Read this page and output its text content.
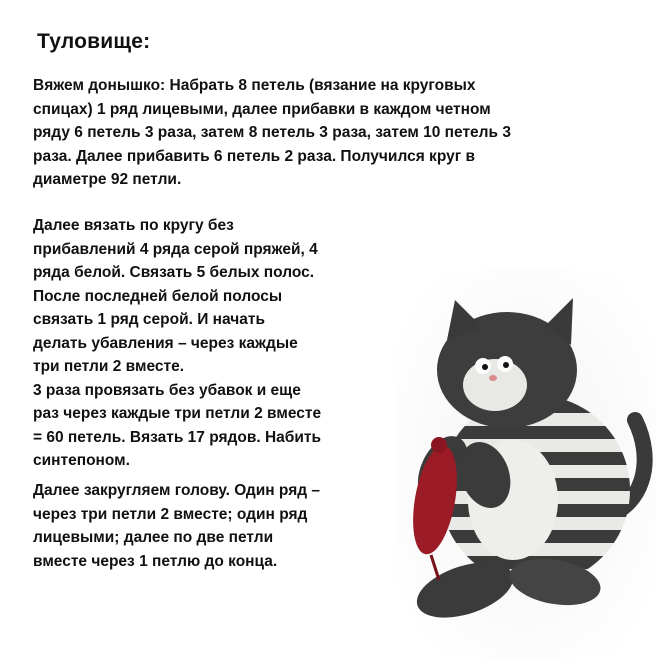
Туловище:

Вяжем донышко: Набрать 8 петель (вязание на круговых
спицах) 1 ряд лицевыми, далее прибавки в каждом четном
ряду 6 петель 3 раза, затем 8 петель 3 раза, затем 10 петель 3
раза. Далее прибавить 6 петель 2 раза. Получился круг в
диаметре 92 петли.

Далее вязать по кругу без
прибавлений 4 ряда серой пряжей, 4
ряда белой. Связать 5 белых полос.
После последней белой полосы
связать 1 ряд серой. И начать
делать убавления – через каждые
три петли 2 вместе.
3 раза провязать без убавок и еще
раз через каждые три петли 2 вместе
= 60 петель. Вязать 17 рядов. Набить
синтепоном.

Далее закругляем голову. Один ряд –
через три петли 2 вместе; один ряд
лицевыми; далее по две петли
вместе через 1 петлю до конца.
